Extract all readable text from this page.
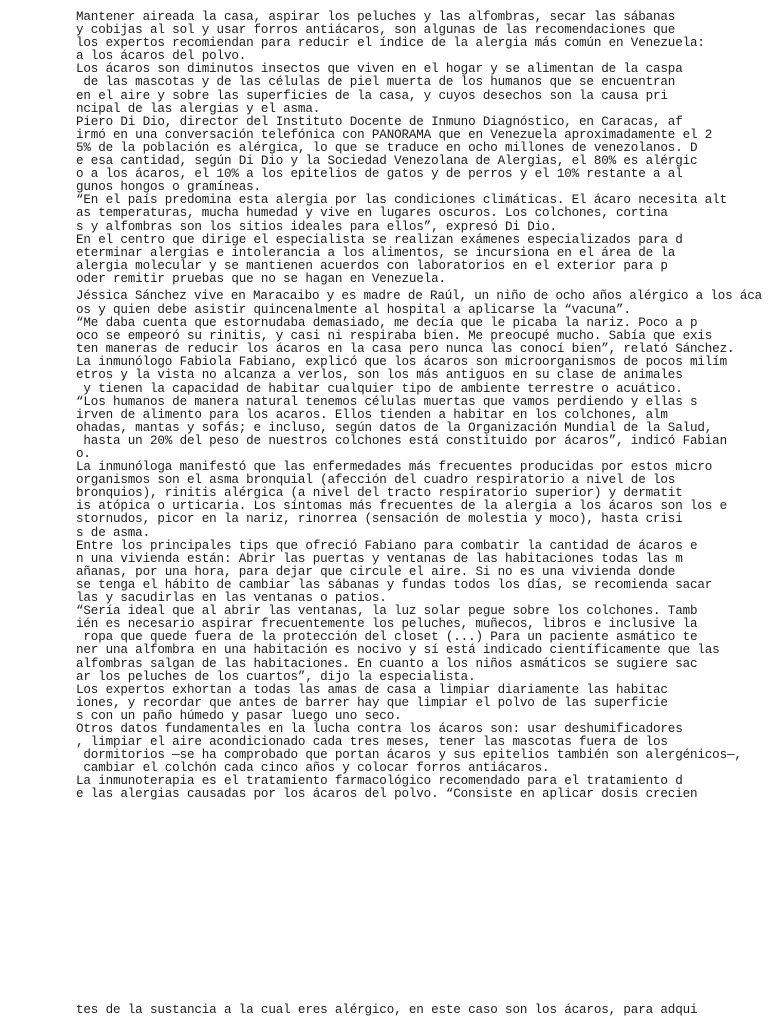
Mantener aireada la casa, aspirar los peluches y las alfombras, secar las sábanas
y cobijas al sol y usar forros antiácaros, son algunas de las recomendaciones que
los expertos recomiendan para reducir el índice de la alergia más común en Venezuela:
a los ácaros del polvo.
Los ácaros son diminutos insectos que viven en el hogar y se alimentan de la caspa
de las mascotas y de las células de piel muerta de los humanos que se encuentran
en el aire y sobre las superficies de la casa, y cuyos desechos son la causa pri
ncipal de las alergias y el asma.
Piero Di Dio, director del Instituto Docente de Inmuno Diagnóstico, en Caracas, af
irmó en una conversación telefónica con PANORAMA que en Venezuela aproximadamente el 2
5% de la población es alérgica, lo que se traduce en ocho millones de venezolanos. D
e esa cantidad, según Di Dio y la Sociedad Venezolana de Alergias, el 80% es alérgic
o a los ácaros, el 10% a los epitelios de gatos y de perros y el 10% restante a al
gunos hongos o gramíneas.
“En el país predomina esta alergia por las condiciones climáticas. El ácaro necesita alt
as temperaturas, mucha humedad y vive en lugares oscuros. Los colchones, cortina
s y alfombras son los sitios ideales para ellos”, expresó Di Dio.
En el centro que dirige el especialista se realizan exámenes especializados para d
eterminar alergias e intolerancia a los alimentos, se incursiona en el área de la
alergia molecular y se mantienen acuerdos con laboratorios en el exterior para p
oder remitir pruebas que no se hagan en Venezuela.
Jéssica Sánchez vive en Maracaibo y es madre de Raúl, un niño de ocho años alérgico a los áca
os y quien debe asistir quincenalmente al hospital a aplicarse la “vacuna”.
“Me daba cuenta que estornudaba demasiado, me decía que le picaba la nariz. Poco a p
oco se empeoró su rinitis, y casi ni respiraba bien. Me preocupé mucho. Sabía que exis
ten maneras de reducir los ácaros en la casa pero nunca las conocí bien”, relató Sánchez.
La inmunólogo Fabiola Fabiano, explicó que los ácaros son microorganismos de pocos milím
etros y la vista no alcanza a verlos, son los más antiguos en su clase de animales
y tienen la capacidad de habitar cualquier tipo de ambiente terrestre o acuático.
“Los humanos de manera natural tenemos células muertas que vamos perdiendo y ellas s
irven de alimento para los acaros. Ellos tienden a habitar en los colchones, alm
ohadas, mantas y sofás; e incluso, según datos de la Organización Mundial de la Salud,
hasta un 20% del peso de nuestros colchones está constituido por ácaros”, indicó Fabian
o.
La inmunóloga manifestó que las enfermedades más frecuentes producidas por estos micro
organismos son el asma bronquial (afección del cuadro respiratorio a nivel de los
bronquios), rinitis alérgica (a nivel del tracto respiratorio superior) y dermatit
is atópica o urticaria. Los síntomas más frecuentes de la alergia a los ácaros son los e
stornudos, picor en la nariz, rinorrea (sensación de molestia y moco), hasta crisi
s de asma.
Entre los principales tips que ofreció Fabiano para combatir la cantidad de ácaros e
n una vivienda están: Abrir las puertas y ventanas de las habitaciones todas las m
añanas, por una hora, para dejar que circule el aire. Si no es una vivienda donde
se tenga el hábito de cambiar las sábanas y fundas todos los días, se recomienda sacar
las y sacudirlas en las ventanas o patios.
“Sería ideal que al abrir las ventanas, la luz solar pegue sobre los colchones. Tamb
ién es necesario aspirar frecuentemente los peluches, muñecos, libros e inclusive la
ropa que quede fuera de la protección del closet (...) Para un paciente asmático te
ner una alfombra en una habitación es nocivo y sí está indicado científicamente que las
alfombras salgan de las habitaciones. En cuanto a los niños asmáticos se sugiere sac
ar los peluches de los cuartos”, dijo la especialista.
Los expertos exhortan a todas las amas de casa a limpiar diariamente las habitac
iones, y recordar que antes de barrer hay que limpiar el polvo de las superficie
s con un paño húmedo y pasar luego uno seco.
Otros datos fundamentales en la lucha contra los ácaros son: usar deshumificadores
, limpiar el aire acondicionado cada tres meses, tener las mascotas fuera de los
dormitorios —se ha comprobado que portan ácaros y sus epitelios también son alergénicos—,
cambiar el colchón cada cinco años y colocar forros antiácaros.
La inmunoterapia es el tratamiento farmacológico recomendado para el tratamiento d
e las alergias causadas por los ácaros del polvo. “Consiste en aplicar dosis crecien
tes de la sustancia a la cual eres alérgico, en este caso son los ácaros, para adqui
